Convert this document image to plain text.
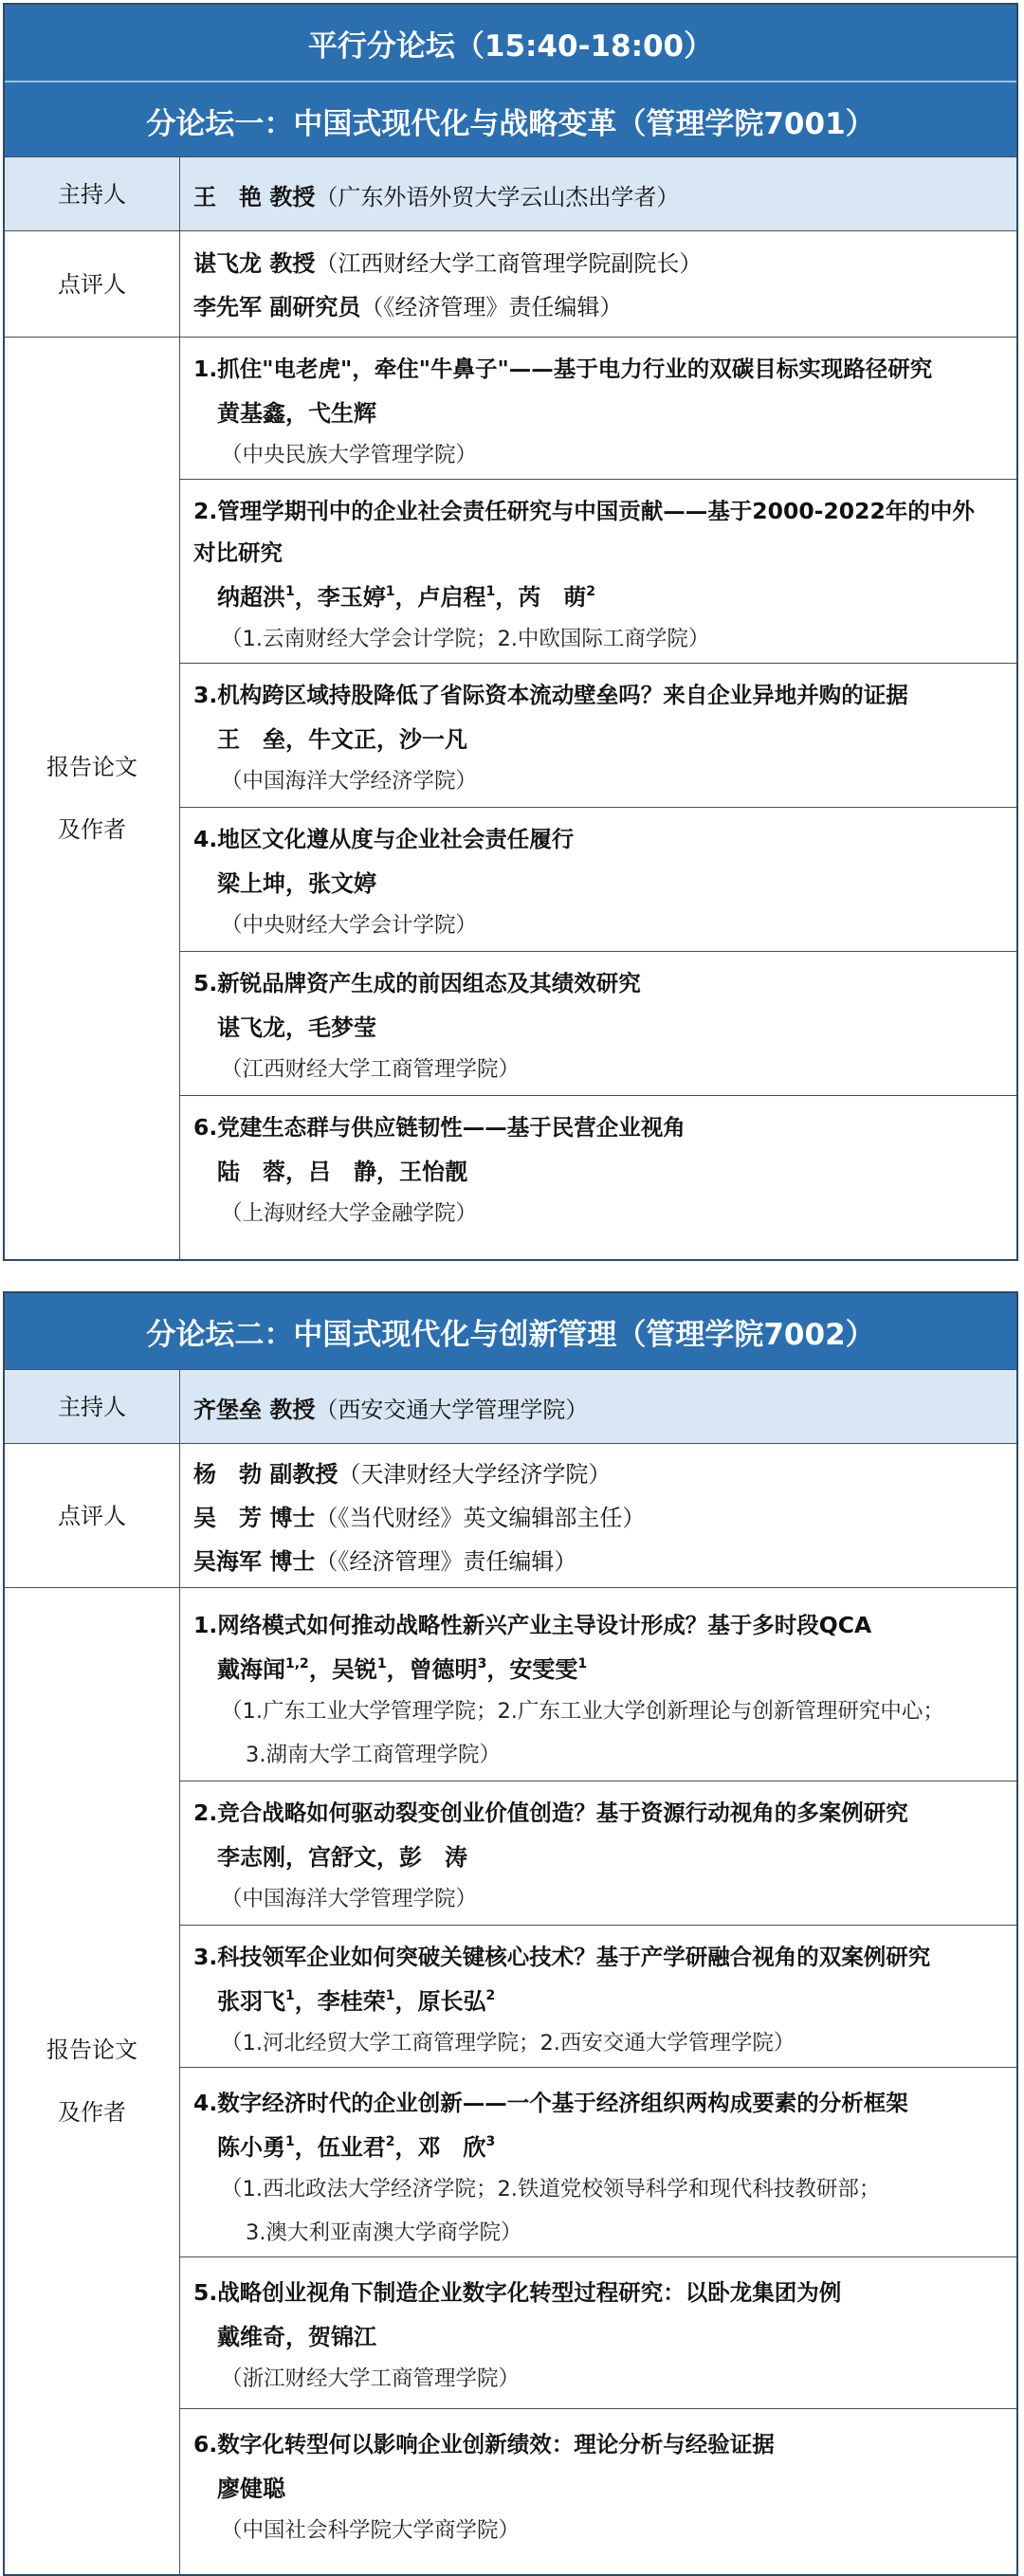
平行分论坛（15:40-18:00）
分论坛一：中国式现代化与战略变革（管理学院7001）
主持人	王　艳 教授（广东外语外贸大学云山杰出学者）
点评人
谌飞龙 教授（江西财经大学工商管理学院副院长）
李先军 副研究员（《经济管理》责任编辑）
报告论文
及作者
1.抓住"电老虎"，牵住"牛鼻子"——基于电力行业的双碳目标实现路径研究
黄基鑫，弋生辉
（中央民族大学管理学院）
2.管理学期刊中的企业社会责任研究与中国贡献——基于2000-2022年的中外
对比研究
纳超洪$^1$，李玉婷$^1$，卢启程$^1$，芮　萌$^2$
（1.云南财经大学会计学院；2.中欧国际工商学院）
3.机构跨区域持股降低了省际资本流动壁垒吗？来自企业异地并购的证据
王　垒，牛文正，沙一凡
（中国海洋大学经济学院）
4.地区文化遵从度与企业社会责任履行
梁上坤，张文婷
（中央财经大学会计学院）
5.新锐品牌资产生成的前因组态及其绩效研究
谌飞龙，毛梦莹
（江西财经大学工商管理学院）
6.党建生态群与供应链韧性——基于民营企业视角
陆　蓉，吕　静，王怡靓
（上海财经大学金融学院）
分论坛二：中国式现代化与创新管理（管理学院7002）
主持人	齐堡垒 教授（西安交通大学管理学院）
点评人
杨　勃 副教授（天津财经大学经济学院）
吴　芳 博士（《当代财经》英文编辑部主任）
吴海军 博士（《经济管理》责任编辑）
报告论文
及作者
1.网络模式如何推动战略性新兴产业主导设计形成？基于多时段QCA
戴海闻$^{1,2}$，吴锐$^1$，曾德明$^3$，安雯雯$^1$
（1.广东工业大学管理学院；2.广东工业大学创新理论与创新管理研究中心；
3.湖南大学工商管理学院）
2.竞合战略如何驱动裂变创业价值创造？基于资源行动视角的多案例研究
李志刚，宫舒文，彭　涛
（中国海洋大学管理学院）
3.科技领军企业如何突破关键核心技术？基于产学研融合视角的双案例研究
张羽飞$^1$，李桂荣$^1$，原长弘$^2$
（1.河北经贸大学工商管理学院；2.西安交通大学管理学院）
4.数字经济时代的企业创新——一个基于经济组织两构成要素的分析框架
陈小勇$^1$，伍业君$^2$，邓　欣$^3$
（1.西北政法大学经济学院；2.铁道党校领导科学和现代科技教研部；
3.澳大利亚南澳大学商学院）
5.战略创业视角下制造企业数字化转型过程研究：以卧龙集团为例
戴维奇，贺锦江
（浙江财经大学工商管理学院）
6.数字化转型何以影响企业创新绩效：理论分析与经验证据
廖健聪
（中国社会科学院大学商学院）
